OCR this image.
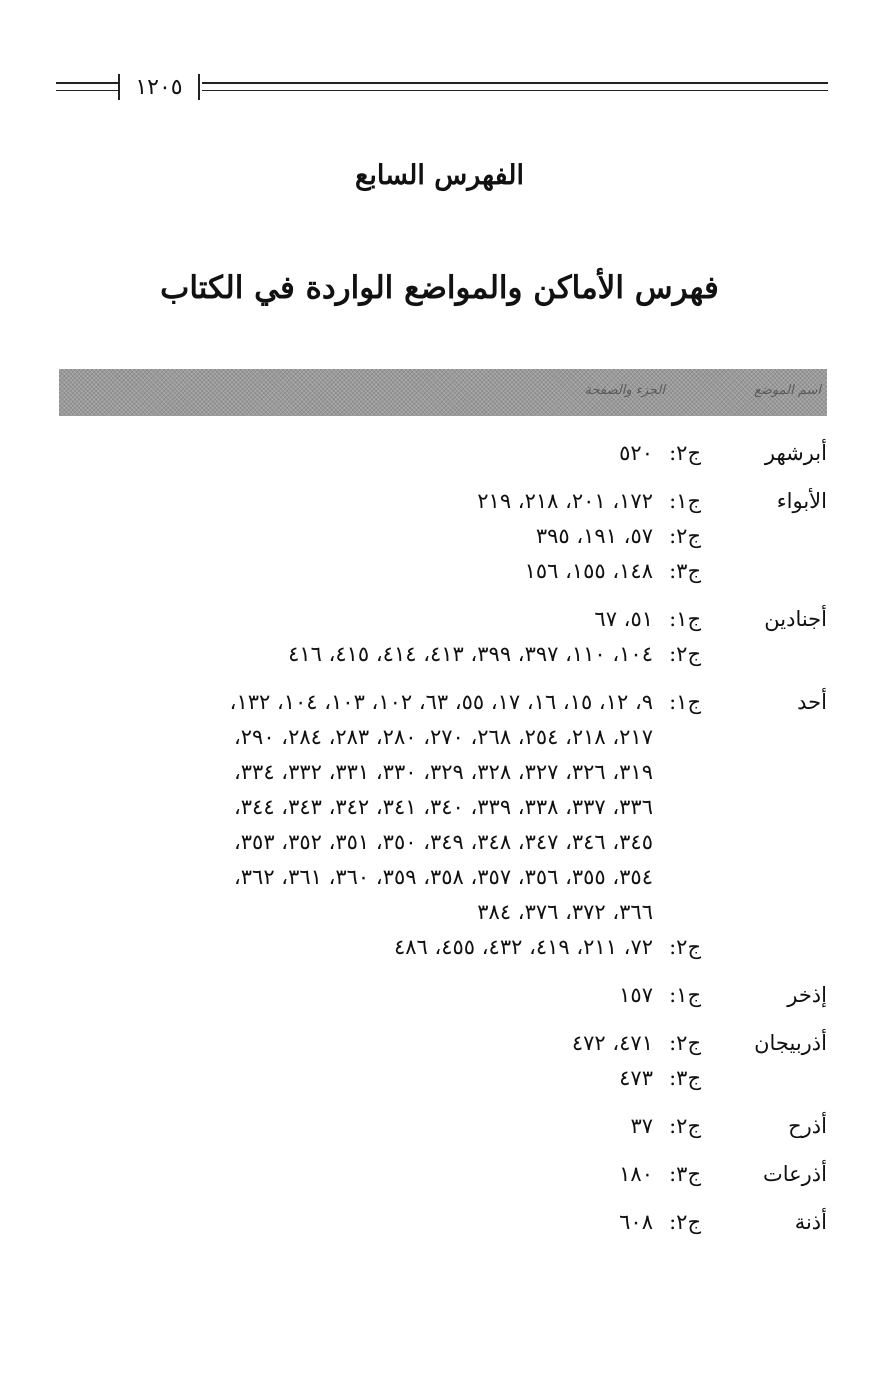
١٢٠٥
الفهرس السابع
فهرس الأماكن والمواضع الواردة في الكتاب
اسم الموضع
الجزء والصفحة
أبرشهر
ج٢:
٥٢٠
الأبواء
ج١:
١٧٢، ٢٠١، ٢١٨، ٢١٩
ج٢:
٥٧، ١٩١، ٣٩٥
ج٣:
١٤٨، ١٥٥، ١٥٦
أجنادين
ج١:
٥١، ٦٧
ج٢:
١٠٤، ١١٠، ٣٩٧، ٣٩٩، ٤١٣، ٤١٤، ٤١٥، ٤١٦
أحد
ج١:
٩، ١٢، ١٥، ١٦، ١٧، ٥٥، ٦٣، ١٠٢، ١٠٣، ١٠٤، ١٣٢،
٢١٧، ٢١٨، ٢٥٤، ٢٦٨، ٢٧٠، ٢٨٠، ٢٨٣، ٢٨٤، ٢٩٠،
٣١٩، ٣٢٦، ٣٢٧، ٣٢٨، ٣٢٩، ٣٣٠، ٣٣١، ٣٣٢، ٣٣٤،
٣٣٦، ٣٣٧، ٣٣٨، ٣٣٩، ٣٤٠، ٣٤١، ٣٤٢، ٣٤٣، ٣٤٤،
٣٤٥، ٣٤٦، ٣٤٧، ٣٤٨، ٣٤٩، ٣٥٠، ٣٥١، ٣٥٢، ٣٥٣،
٣٥٤، ٣٥٥، ٣٥٦، ٣٥٧، ٣٥٨، ٣٥٩، ٣٦٠، ٣٦١، ٣٦٢،
٣٦٦، ٣٧٢، ٣٧٦، ٣٨٤
ج٢:
٧٢، ٢١١، ٤١٩، ٤٣٢، ٤٥٥، ٤٨٦
إذخر
ج١:
١٥٧
أذربيجان
ج٢:
٤٧١، ٤٧٢
ج٣:
٤٧٣
أذرح
ج٢:
٣٧
أذرعات
ج٣:
١٨٠
أذنة
ج٢:
٦٠٨
